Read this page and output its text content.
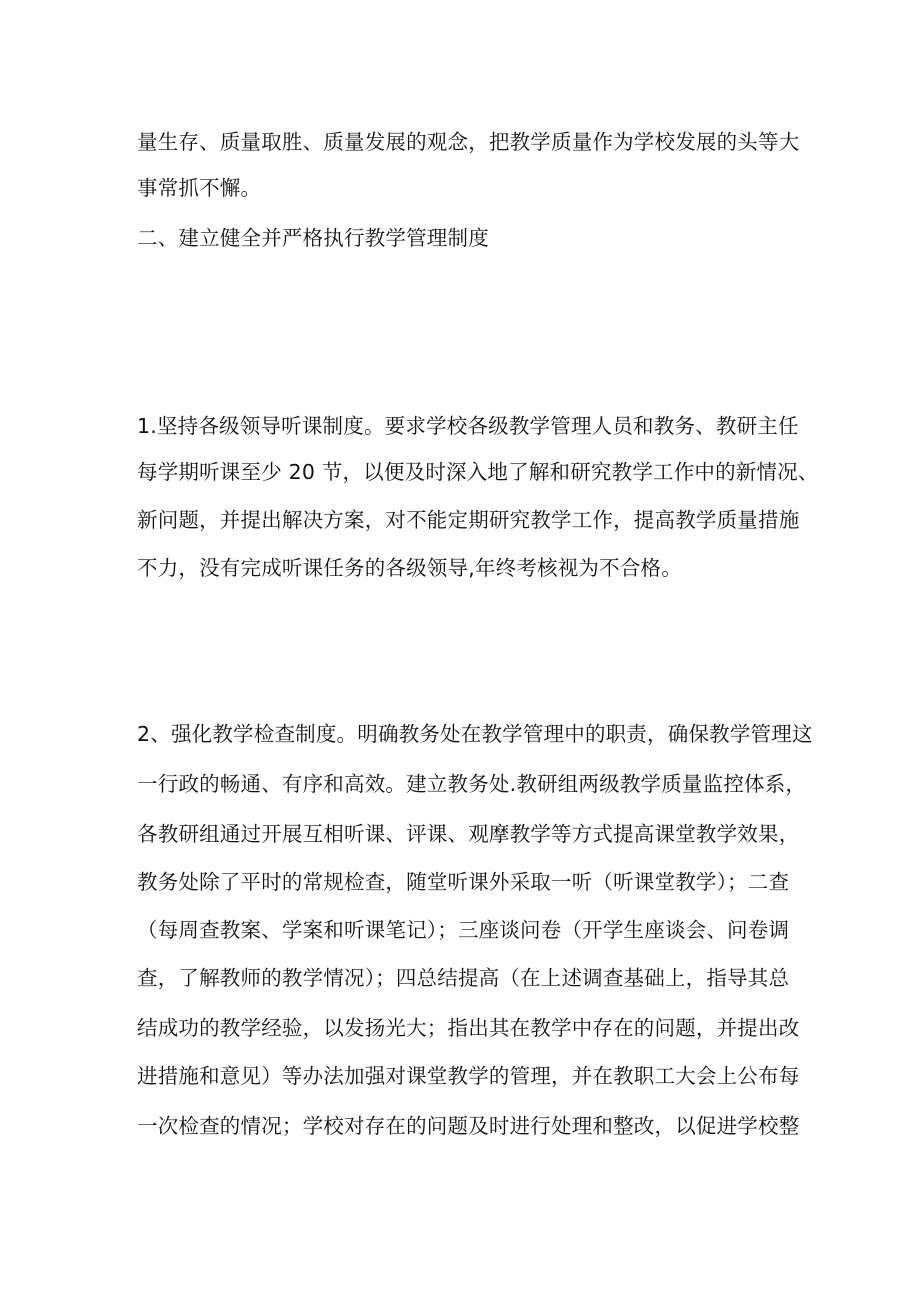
量生存、质量取胜、质量发展的观念，把教学质量作为学校发展的头等大
事常抓不懈。
二、建立健全并严格执行教学管理制度
1.坚持各级领导听课制度。要求学校各级教学管理人员和教务、教研主任
每学期听课至少 20 节，以便及时深入地了解和研究教学工作中的新情况、
新问题，并提出解决方案，对不能定期研究教学工作，提高教学质量措施
不力，没有完成听课任务的各级领导,年终考核视为不合格。
2、强化教学检查制度。明确教务处在教学管理中的职责，确保教学管理这
一行政的畅通、有序和高效。建立教务处.教研组两级教学质量监控体系，
各教研组通过开展互相听课、评课、观摩教学等方式提高课堂教学效果，
教务处除了平时的常规检查，随堂听课外采取一听（听课堂教学）；二查
（每周查教案、学案和听课笔记）；三座谈问卷（开学生座谈会、问卷调
查，了解教师的教学情况）；四总结提高（在上述调查基础上，指导其总
结成功的教学经验，以发扬光大；指出其在教学中存在的问题，并提出改
进措施和意见）等办法加强对课堂教学的管理，并在教职工大会上公布每
一次检查的情况；学校对存在的问题及时进行处理和整改，以促进学校整
